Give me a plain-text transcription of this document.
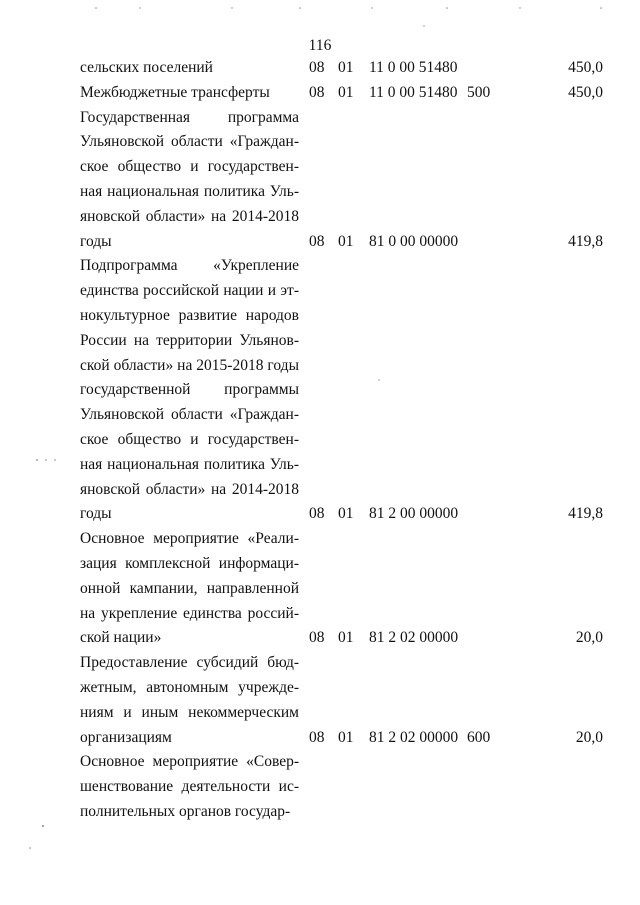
116
сельских поселений	08 01 11 0 00 51480	450,0
Межбюджетные трансферты	08 01 11 0 00 51480 500	450,0
Государственная программа
Ульяновской области «Граждан-
ское общество и государствен-
ная национальная политика Уль-
яновской области» на 2014-2018
годы	08 01 81 0 00 00000	419,8
Подпрограмма «Укрепление
единства российской нации и эт-
нокультурное развитие народов
России на территории Ульянов-
ской области» на 2015-2018 годы
государственной программы
Ульяновской области «Граждан-
ское общество и государствен-
ная национальная политика Уль-
яновской области» на 2014-2018
годы	08 01 81 2 00 00000	419,8
Основное мероприятие «Реали-
зация комплексной информаци-
онной кампании, направленной
на укрепление единства россий-
ской нации»	08 01 81 2 02 00000	20,0
Предоставление субсидий бюд-
жетным, автономным учрежде-
ниям и иным некоммерческим
организациям	08 01 81 2 02 00000 600	20,0
Основное мероприятие «Совер-
шенствование деятельности ис-
полнительных органов государ-
